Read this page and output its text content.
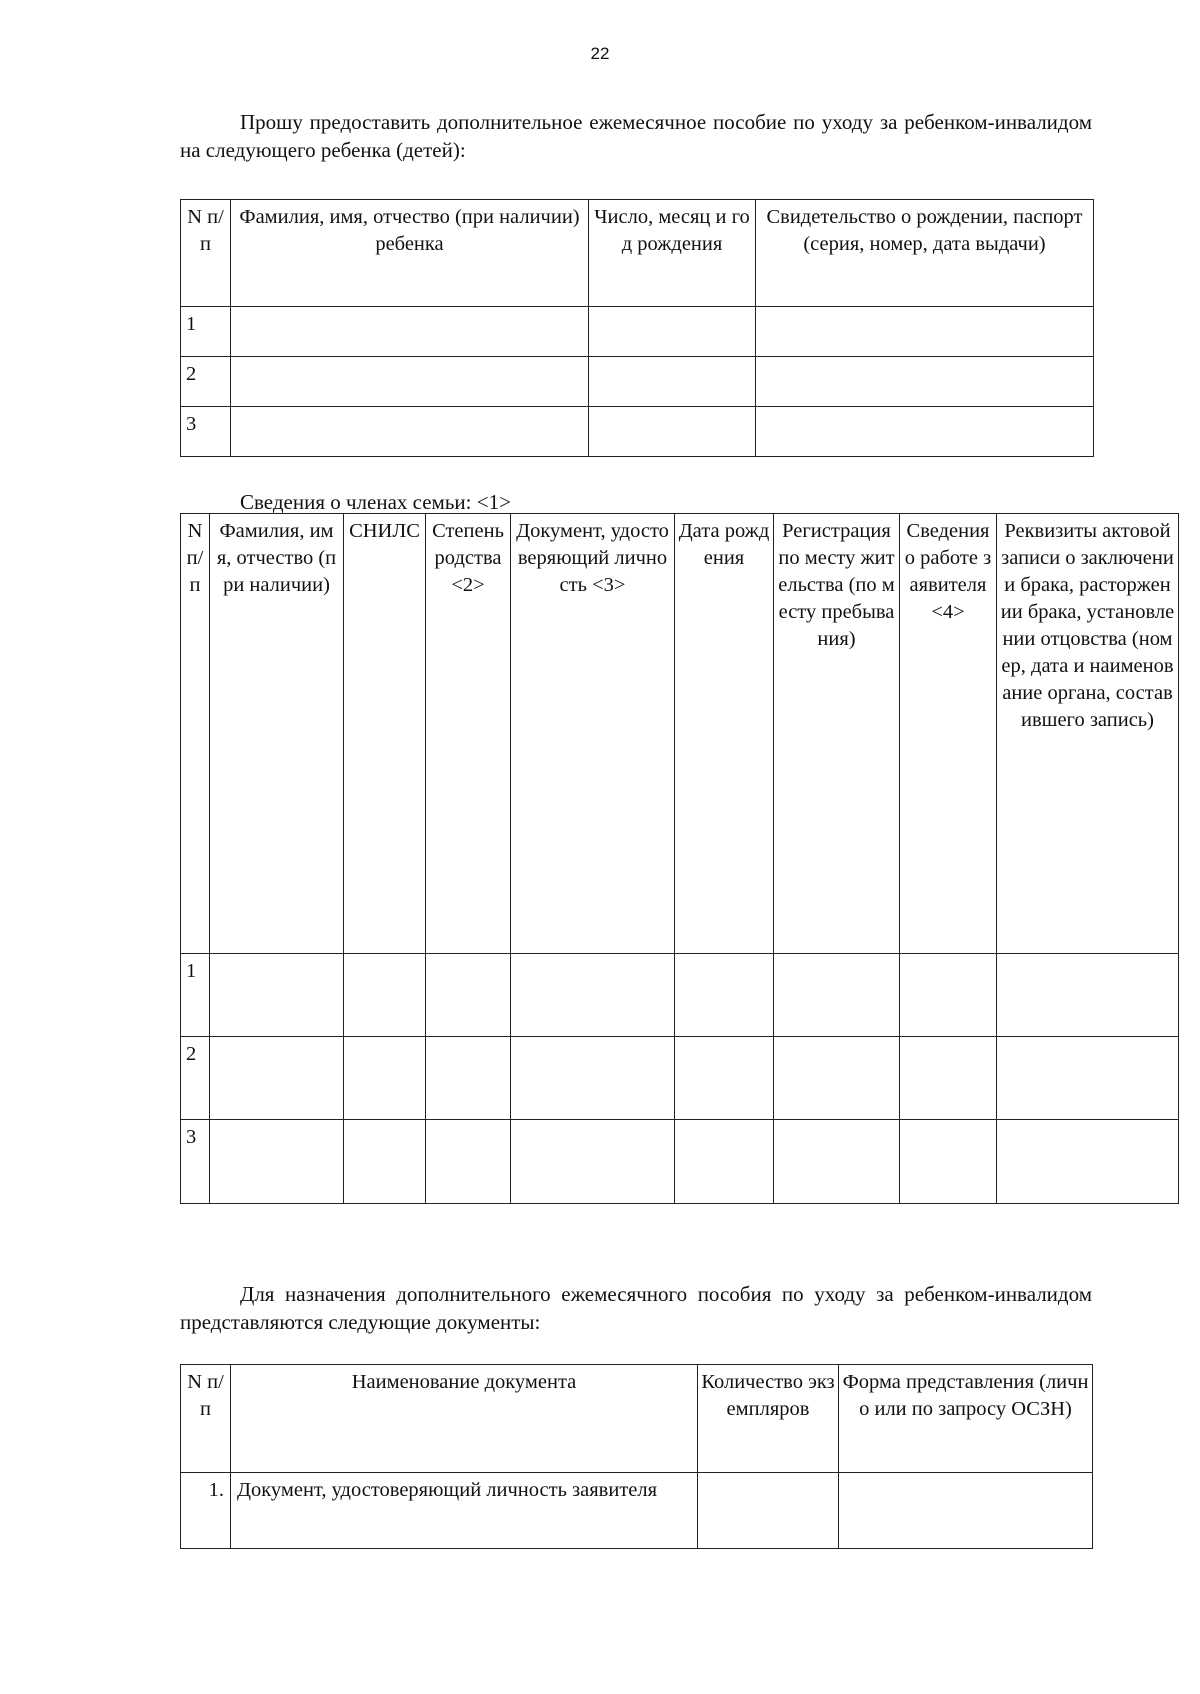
22

Прошу предоставить дополнительное ежемесячное пособие по уходу за ребенком-инвалидом на следующего ребенка (детей):

N п/п	Фамилия, имя, отчество (при наличии) ребенка	Число, месяц и год рождения	Свидетельство о рождении, паспорт (серия, номер, дата выдачи)
1			
2			
3			
Сведения о членах семьи: <1>
N п/п	Фамилия, имя, отчество (при наличии)	СНИЛС	Степень родства <2>	Документ, удостоверяющий личность <3>	Дата рождения	Регистрация по месту жительства (по месту пребывания)	Сведения о работе заявителя <4>	Реквизиты актовой записи о заключении брака, расторжении брака, установлении отцовства (номер, дата и наименование органа, составившего запись)
1								
2								
3								

Для назначения дополнительного ежемесячного пособия по уходу за ребенком-инвалидом представляются следующие документы:

N п/п	Наименование документа	Количество экземпляров	Форма представления (лично или по запросу ОСЗН)
1.	Документ, удостоверяющий личность заявителя		
